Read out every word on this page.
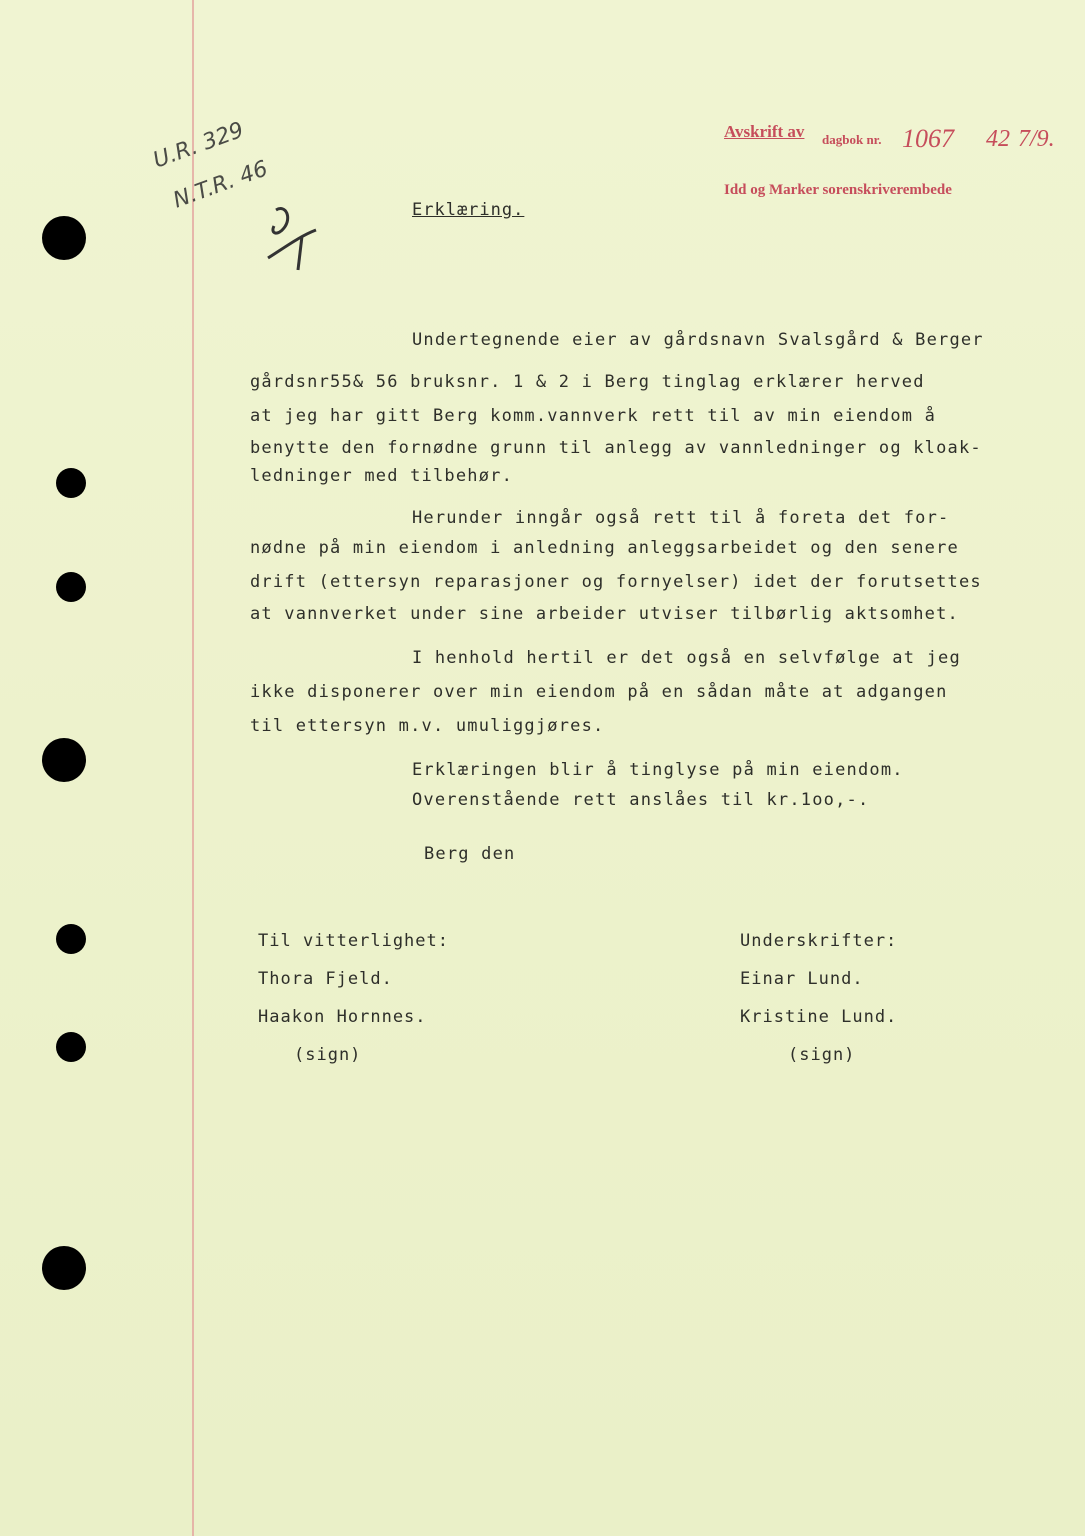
Avskrift av dagbok nr. 1067 42 7/9.
Idd og Marker sorenskriverembede
U.R. 329
N.T.R. 46	Erklæring.
Undertegnende eier av gårdsnavn Svalsgård & Berger
gårdsnr55& 56 bruksnr. 1 & 2 i Berg tinglag erklærer herved
at jeg har gitt Berg komm.vannverk rett til av min eiendom å
benytte den fornødne grunn til anlegg av vannledninger og kloak-
ledninger med tilbehør.
Herunder inngår også rett til å foreta det for-
nødne på min eiendom i anledning anleggsarbeidet og den senere
drift (ettersyn reparasjoner og fornyelser) idet der forutsettes
at vannverket under sine arbeider utviser tilbørlig aktsomhet.
I henhold hertil er det også en selvfølge at jeg
ikke disponerer over min eiendom på en sådan måte at adgangen
til ettersyn m.v. umuliggjøres.
Erklæringen blir å tinglyse på min eiendom.
Overenstående rett anslåes til kr.1oo,-.
Berg den
Til vitterlighet:
Thora Fjeld.
Haakon Hornnes.
(sign)
Underskrifter:
Einar Lund.
Kristine Lund.
(sign)
